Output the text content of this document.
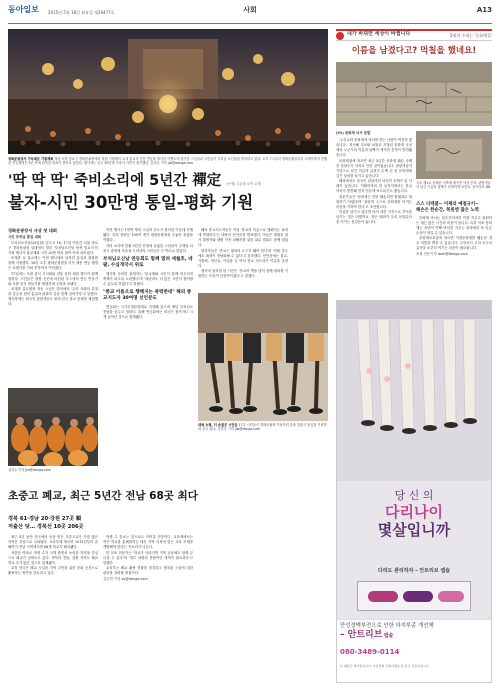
동아일보 2015년 5월 18일 월요일 제29477호	사회	A13
경화문광장서 가득채운 기원제회 석탄 서울 종로구 경화문광장에서 열린 기원제의 초대 불교의 전통 연등을 장식한 이벤트에 참가한 스님들과 시민들이 부처님 오신날을 축하하고 있다. 오후 7시부터 경화문광장부터 조계사까지 진행된 연등행렬은 5년 만에 남북한 대표자 참여로 열렸다. 행사에는 신도 30만명 이상의 시민이 참가했다. 김지우 기자 jjw@donga.com
'딱 딱 딱' 죽비소리에 5년간 禪定 (선정) 두손을 모아 수행
불자-시민 30만명 통일-평화 기원
경화문광장서 사상 첫 대회
시민 부처님 통일 대회

부처님오신날(25일)을 앞두고 16, 17일 이틀간 서울 종로구 경화문광장 일대에서 열린 '부처님오신날 봉축 법요식'의 기원 행사가 불교계와 시민 30만 명의 참여 속에 치러졌다.

조계종 등 불교계는 이번 행사에서 남북한 통일과 평화를 함께 기원했다. 16일 오후 광화문광장을 가득 채운 연등 행렬은 조계사를 거쳐 종각까지 이어졌다.

17일에는 사찰 음식 시식회와 전통 문화 체험 행사가 함께 열렸다. 시민들은 광장 곳곳에 마련된 부스에서 연등 만들기와 사찰 음식 만들기를 체험하며 주말을 보냈다.

조계종 총무원장 자승 스님은 법어에서 '우리 사회의 분열과 갈등을 넘어 통일과 평화의 길을 함께 걸어가자'고 말했다. 행사장에는 외국인 관광객들도 몰려 한국 불교 문화를 체험했다.

김지우 기자 jjw@donga.com

이번 행사는 1만여 명의 스님과 신도가 참석한 가운데 진행됐다. 특히 장엄등 100여 개가 광화문광장을 수놓아 장관을 이뤘다.

죽비 소리에 맞춰 5년간 선정에 들었던 스님들이 수행을 마치고 광장에 모습을 드러내자 시민들은 큰 박수로 맞았다.

부처님오신날 연등회도 함께 열려 세월호, 네팔, 수십개국서 위로

행사를 준비한 관계자는 '불교계와 시민이 함께 어우러진 축제가 되도록 노력했다'며 '내년에도 더 많은 시민이 참여할 수 있도록 하겠다'고 밝혔다.

"종교 이름으로 행해지는 폭력반대" 해외 종교지도자 30여명 선언문도

연등회는 국가무형문화재로 지정돼 있으며 매년 부처님오신날을 앞두고 열린다. 올해 연등회에는 외국인 참가자도 크게 늘어난 것으로 집계됐다.

해외 종교지도자들은 이날 '종교의 이름으로 행해지는 폭력에 반대한다'는 내용의 선언문을 발표했다. 이들은 세월호 참사 희생자와 네팔 지진 피해자를 위한 위로 법회도 함께 열었다.

참석자들은 '종교는 평화의 도구가 돼야 한다'며 '어떤 경우에도 폭력이 정당화될 수 없다'고 강조했다. 선언문에는 불교, 가톨릭, 개신교, 이슬람 등 여러 종교 지도자가 이름을 올렸다.

행사에 참석한 한 시민은 '종교의 벽을 넘어 함께 평화를 기원하는 모습이 인상적이었다'고 말했다.

대북 소형, 더 손잡은 시민들 17일 시민들이 경화문광장 가장자리 손을 맞잡고 통일을 기원하며 걷고 있다. 김지우 기자 jjw@donga.com
초중고 폐교, 최근 5년간 전남 68곳 최다
경북 61·경남 20·강원 27곳 順
저출산 탓… 경북선 10곳 206곳

최근 5년 동안 전국에서 문을 닫은 초중고교가 가장 많은 지역은 전남으로 나타났다. 교육부에 따르면 2011년부터 올해까지 전남 지역에서만 68개 학교가 폐교됐다.

저출산 여파로 학생 수가 크게 줄면서 농어촌 지역을 중심으로 폐교가 잇따르고 있다. 경북과 경남, 강원 지역도 폐교 학교 수가 많은 것으로 집계됐다.

교육 당국은 폐교 시설을 지역 주민을 위한 문화 공간으로 활용하는 방안을 검토하고 있다.

학생 수 감소는 앞으로도 이어질 전망이다. 교육계에서는 작은 학교를 통폐합하는 대신 지역 특성에 맞는 교육 모델을 개발해야 한다는 목소리가 나온다.

한 교육 전문가는 '학교가 사라지면 지역 공동체도 함께 무너질 수 있다'며 '정부 차원의 종합적인 대책이 필요하다'고 말했다.

교육부는 폐교 활용 현황을 점검하고 방치된 시설에 대한 관리를 강화할 방침이다.

김수연 기자 sy@donga.com
내가 바뀌면 세상이 바뀝니다	5월의 주제는 '문화예절'
이름을 남겼다고? 먹칠을 했네요!
(91) 문화재 낙서 등발

'우리나라 문화재에 낙서를 하는 사람이 여전히 많습니다.' 지난해 국보와 보물로 지정된 문화재 곳곳에서 누군가의 이름과 날짜가 새겨진 흔적이 발견됐습니다.

문화재청에 따르면 최근 5년간 문화재 훼손 사례 중 상당수가 낙서로 인한 것이었습니다. 관광객들이 기념으로 남긴 이름과 글귀가 수백 년 된 문화재에 깊은 상처를 남기고 있습니다.

해외에서도 한국인 관광객의 낙서가 문제가 된 사례가 있습니다. 이탈리아의 한 유적지에서는 한글 낙서가 발견돼 현지 언론에 보도되기도 했습니다.

전문가들은 '문화재는 한번 훼손되면 원래대로 복원하기 어렵다'며 '관람객 스스로 문화재를 아끼는 마음을 가져야 한다'고 조언합니다.

이름을 남기고 싶다면 낙서 대신 사진으로 추억을 남기는 것은 어떨까요. 작은 배려가 우리 문화유산을 지키는 첫걸음이 됩니다.

국보 제1호 숭례문 석축에 새겨진 낙서 흔적. 관람객들이 남긴 이름과 날짜가 선명하게 보인다. 동아일보 DB
스스 디테쿨~ 이제라 예절규키~
해손은 한순간, 복원엔 많은 노력

문화재 낙서는 한순간이지만 이를 지우고 복원하는 데는 많은 시간과 비용이 듭니다. 특히 석조 문화재는 표면이 약해 낙서를 지우는 과정에서 또 다른 손상이 생길 수 있습니다.

문화재보호법에 따르면 지정문화재를 훼손한 경우 처벌을 받을 수 있습니다. 무엇보다 우리 모두의 유산을 소중히 여기는 마음이 필요합니다.

조철 전문기자 itom@donga.com
당 신 의
다리나이
몇살입니까
다리도 관리하자 – 안트리브 캡슐
만성정맥부전으로 인한 하지부종 개선제
– 안트리브 캡슐
080-3489-0114
본 제품은 의약품입니다. 사용상의 주의사항을 잘 읽고 사용하십시오.
